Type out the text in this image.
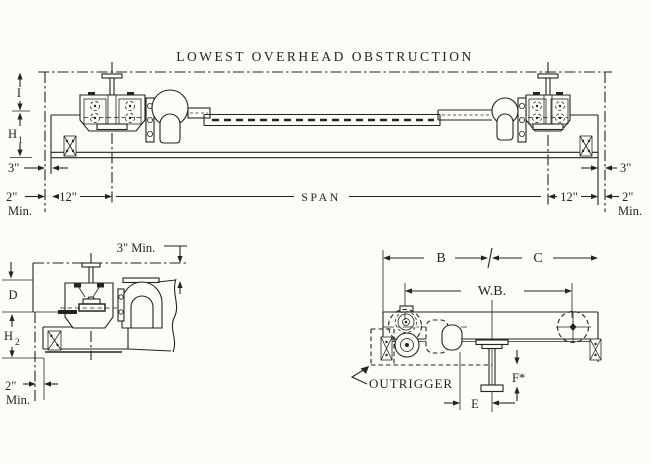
LOWEST OVERHEAD OBSTRUCTION
I
H 1
3"
2"
Min.
12"	SPAN	12"
3"
2"
Min.
3" Min.
D
H 2
2"
Min.
B	C
W.B.
OUTRIGGER	F*
E
